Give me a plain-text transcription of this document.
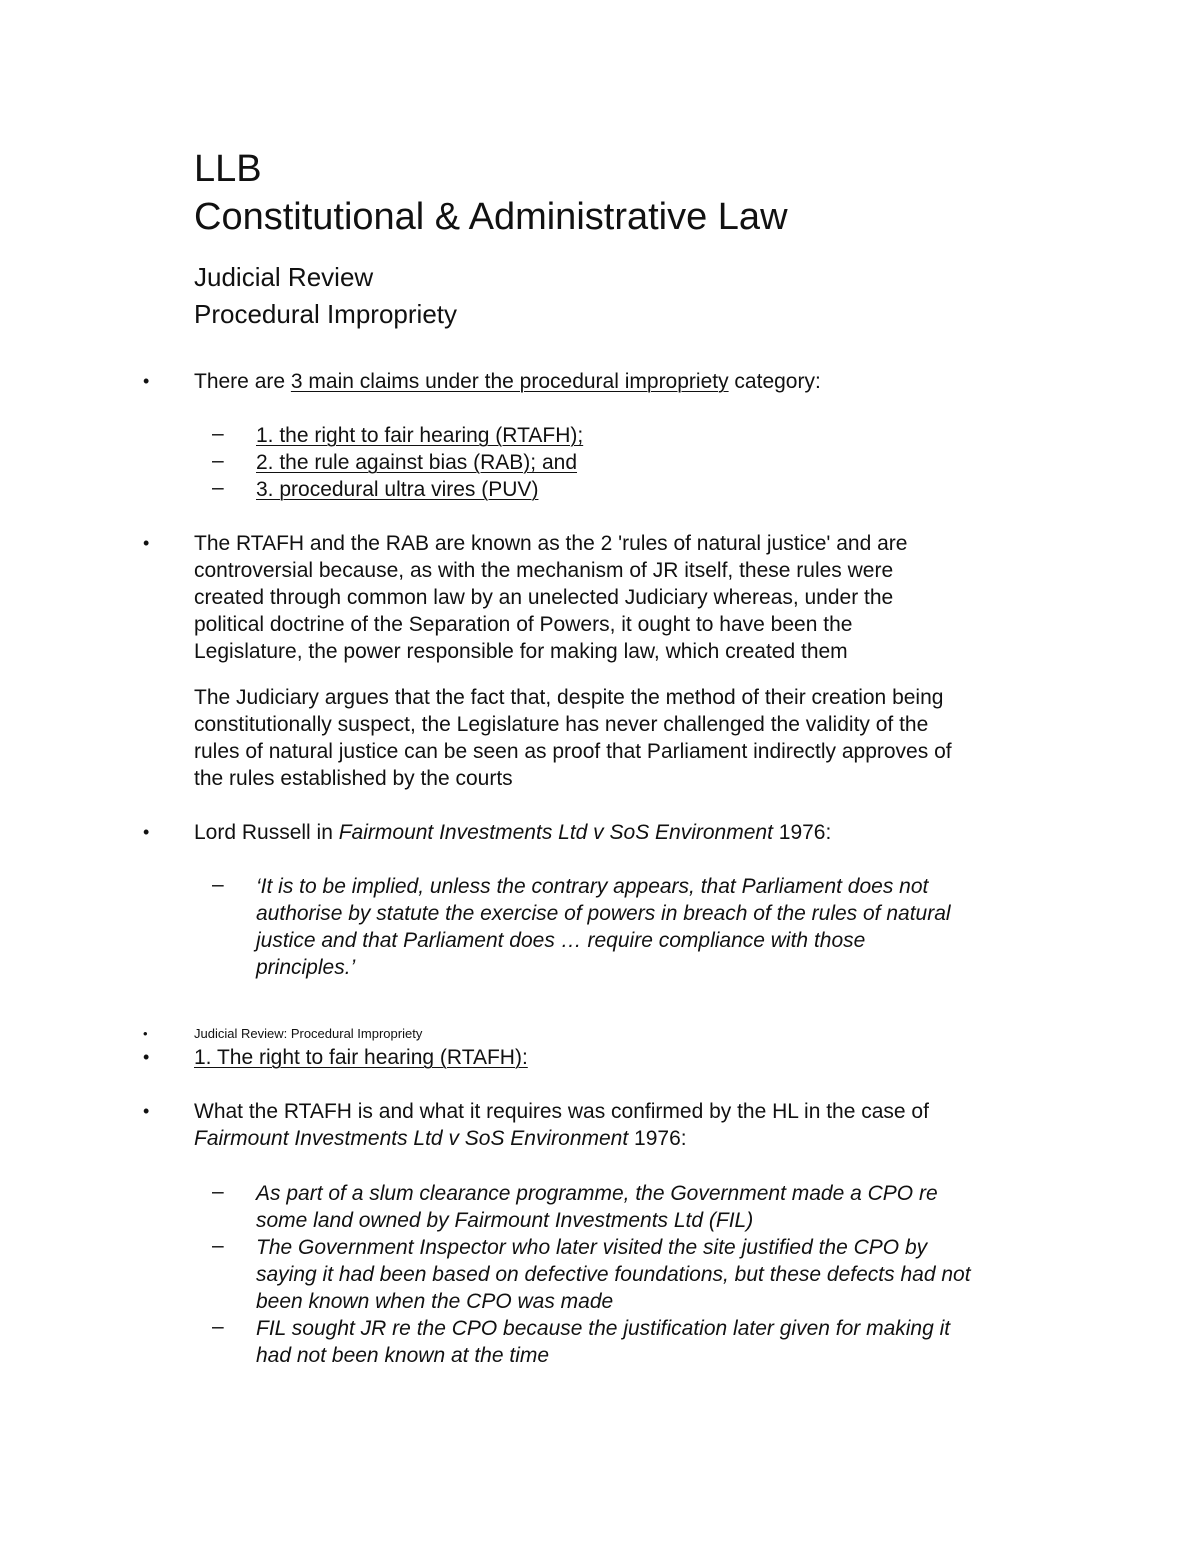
LLB
Constitutional & Administrative Law
Judicial Review
Procedural Impropriety
• There are 3 main claims under the procedural impropriety category:
– 1. the right to fair hearing (RTAFH);
– 2. the rule against bias (RAB); and
– 3. procedural ultra vires (PUV)
• The RTAFH and the RAB are known as the 2 'rules of natural justice' and are
controversial because, as with the mechanism of JR itself, these rules were
created through common law by an unelected Judiciary whereas, under the
political doctrine of the Separation of Powers, it ought to have been the
Legislature, the power responsible for making law, which created them
The Judiciary argues that the fact that, despite the method of their creation being
constitutionally suspect, the Legislature has never challenged the validity of the
rules of natural justice can be seen as proof that Parliament indirectly approves of
the rules established by the courts
• Lord Russell in Fairmount Investments Ltd v SoS Environment 1976:
– ‘It is to be implied, unless the contrary appears, that Parliament does not
authorise by statute the exercise of powers in breach of the rules of natural
justice and that Parliament does … require compliance with those
principles.’
•	Judicial Review: Procedural Impropriety
• 1. The right to fair hearing (RTAFH):
• What the RTAFH is and what it requires was confirmed by the HL in the case of
Fairmount Investments Ltd v SoS Environment 1976:
– As part of a slum clearance programme, the Government made a CPO re
some land owned by Fairmount Investments Ltd (FIL)
– The Government Inspector who later visited the site justified the CPO by
saying it had been based on defective foundations, but these defects had not
been known when the CPO was made
– FIL sought JR re the CPO because the justification later given for making it
had not been known at the time
